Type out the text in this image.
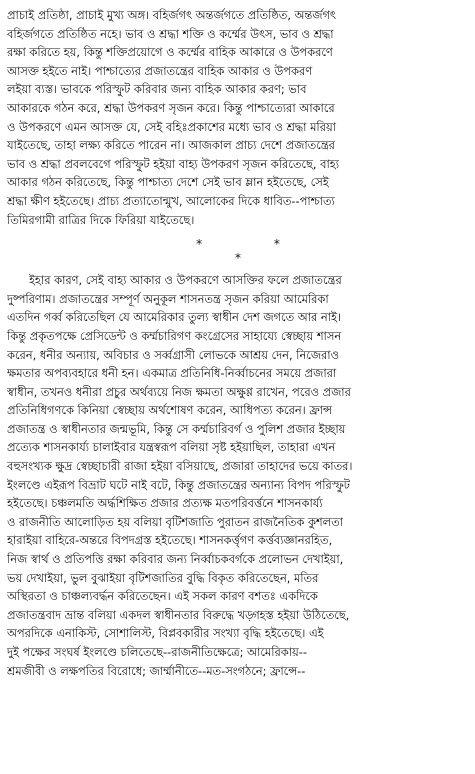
প্রাচাই প্রতিষ্ঠা, প্রাচাই মুখ্য অঙ্গ। বহির্জগৎ অন্তর্জগতে প্রতিষ্ঠিত, অন্তর্জগৎ
বহির্জগতে প্রতিষ্ঠিত নহে। ভাব ও শ্রদ্ধা শক্তি ও কর্ম্মের উৎস, ভাব ও শ্রদ্ধা
রক্ষা করিতে হয়, কিন্তু শক্তিপ্রয়োগে ও কর্ম্মের বাহিক আকারে ও উপকরণে
আসক্ত হইতে নাই। পাশ্চাত্যের প্রজাতন্ত্রের বাহিক আকার ও উপকরণ
লইয়া ব্যস্ত। ভাবকে পরিস্ফুট করিবার জন্য বাহিক আকার করণ; ভাব
আকারকে গঠন করে, শ্রদ্ধা উপকরণ সৃজন করে। কিন্তু পাশ্চাত্যেরা আকারে
ও উপকরণে এমন আসক্ত যে, সেই বহিঃপ্রকাশের মধ্যে ভাব ও শ্রদ্ধা মরিয়া
যাইতেছে, তাহা লক্ষ্য করিতে পারেন না। আজকাল প্রাচ্য দেশে প্রজাতন্ত্রের
ভাব ও শ্রদ্ধা প্রবলবেগে পরিস্ফুট হইয়া বাহ্য উপকরণ সৃজন করিতেছে, বাহ্য
আকার গঠন করিতেছে, কিন্তু পাশ্চাত্য দেশে সেই ভাব ম্লান হইতেছে, সেই
শ্রদ্ধা ক্ষীণ হইতেছে। প্রাচ্য প্রত্যাতোন্মুখ, আলোকের দিকে ধাবিত--পাশ্চাত্য
তিমিরগামী রাত্রির দিকে ফিরিয়া যাইতেছে।
* *
*
ইহার কারণ, সেই বাহ্য আকার ও উপকরণে আসক্তির ফলে প্রজাতন্ত্রের
দুষ্পরিণাম। প্রজাতন্ত্রের সম্পূর্ণ অনুকূল শাসনতন্ত্র সৃজন করিয়া আমেরিকা
এতদিন গর্ব্ব করিতেছিল যে আমেরিকার তুল্য স্বাধীন দেশ জগতে আর নাই।
কিন্তু প্রকৃতপক্ষে প্রেসিডেন্ট ও কর্ম্মচারিগণ কংগ্রেসের সাহায্যে স্বেচ্ছায় শাসন
করেন, ধনীর অন্যায়, অবিচার ও সর্ব্বগ্রাসী লোভকে আশ্রয় দেন, নিজেরাও
ক্ষমতার অপব্যবহারে ধনী হন। একমাত্র প্রতিনিধি-নির্ব্বাচনের সময়ে প্রজারা
স্বাধীন, তখনও ধনীরা প্রচুর অর্থব্যয়ে নিজ ক্ষমতা অক্ষুণ্ণ রাখেন, পরেও প্রজার
প্রতিনিধিগণকে কিনিয়া স্বেচ্ছায় অর্থশোষণ করেন, আধিপত্য করেন। ফ্রান্স
প্রজাতন্ত্র ও স্বাধীনতার জন্মভূমি, কিন্তু সে কর্ম্মচারিবর্গ ও পুলিশ প্রজার ইচ্ছায়
প্রত্যেক শাসনকার্য্য চালাইবার যন্ত্রস্বরূপ বলিয়া সৃষ্ট হইয়াছিল, তাহারা এখন
বহুসংখ্যক ক্ষুদ্র স্বেচ্ছাচারী রাজা হইয়া বসিয়াছে, প্রজারা তাহাদের ভয়ে কাতর।
ইংলণ্ডে এইরূপ বিভ্রাট ঘটে নাই বটে, কিন্তু প্রজাতন্ত্রের অন্যান্য বিপদ পরিস্ফুট
হইতেছে। চঞ্চলমতি অর্দ্ধশিক্ষিত প্রজার প্রত্যক্ষ মতপরিবর্ত্তনে শাসনকার্য্য
ও রাজনীতি আলোড়িত হয় বলিয়া বৃটিশজাতি পুরাতন রাজনৈতিক কুশলতা
হারাইয়া বাহিরে-অন্তরে বিপদগ্রস্ত হইতেছে। শাসনকর্ত্তৃগণ কর্ত্তব্যজ্ঞানরহিত,
নিজ স্বার্থ ও প্রতিপত্তি রক্ষা করিবার জন্য নির্ব্বাচকবর্গকে প্রলোভন দেখাইয়া,
ভয় দেখাইয়া, ভুল বুঝাইয়া বৃটিশজাতির বুদ্ধি বিকৃত করিতেছেন, মতির
অস্থিরতা ও চাঞ্চল্যবর্দ্ধন করিতেছেন। এই সকল কারণ বশতঃ একদিকে
প্রজাতন্ত্রবাদ ভ্রান্ত বলিয়া একদল স্বাধীনতার বিরুদ্ধে খড়্গহস্ত হইয়া উঠিতেছে,
অপরদিকে এনাকিস্ট, সোশালিস্ট, বিপ্লবকারীর সংখ্যা বৃদ্ধি হইতেছে। এই
দুই পক্ষের সংঘর্ষ ইংলণ্ডে চলিতেছে--রাজনীতিক্ষেত্রে; আমেরিকায়--
শ্রমজীবী ও লক্ষপতির বিরোধে; জার্ম্মানীতে--মত-সংগঠনে; ফ্রান্সে--
